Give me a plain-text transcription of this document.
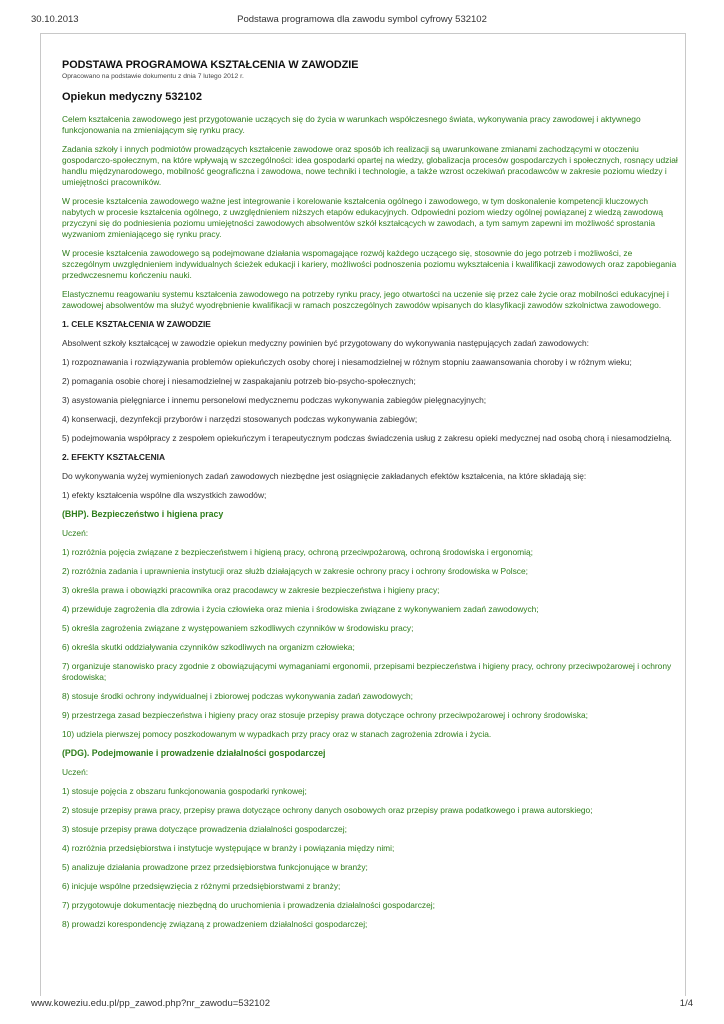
30.10.2013	Podstawa programowa dla zawodu symbol cyfrowy 532102
PODSTAWA PROGRAMOWA KSZTAŁCENIA W ZAWODZIE
Opracowano na podstawie dokumentu z dnia 7 lutego 2012 r.
Opiekun medyczny 532102

Celem kształcenia zawodowego jest przygotowanie uczących się do życia w warunkach współczesnego świata, wykonywania pracy zawodowej i aktywnego funkcjonowania na zmieniającym się rynku pracy.

Zadania szkoły i innych podmiotów prowadzących kształcenie zawodowe oraz sposób ich realizacji są uwarunkowane zmianami zachodzącymi w otoczeniu gospodarczo-społecznym, na które wpływają w szczególności: idea gospodarki opartej na wiedzy, globalizacja procesów gospodarczych i społecznych, rosnący udział handlu międzynarodowego, mobilność geograficzna i zawodowa, nowe techniki i technologie, a także wzrost oczekiwań pracodawców w zakresie poziomu wiedzy i umiejętności pracowników.

W procesie kształcenia zawodowego ważne jest integrowanie i korelowanie kształcenia ogólnego i zawodowego, w tym doskonalenie kompetencji kluczowych nabytych w procesie kształcenia ogólnego, z uwzględnieniem niższych etapów edukacyjnych. Odpowiedni poziom wiedzy ogólnej powiązanej z wiedzą zawodową przyczyni się do podniesienia poziomu umiejętności zawodowych absolwentów szkół kształcących w zawodach, a tym samym zapewni im możliwość sprostania wyzwaniom zmieniającego się rynku pracy.

W procesie kształcenia zawodowego są podejmowane działania wspomagające rozwój każdego uczącego się, stosownie do jego potrzeb i możliwości, ze szczególnym uwzględnieniem indywidualnych ścieżek edukacji i kariery, możliwości podnoszenia poziomu wykształcenia i kwalifikacji zawodowych oraz zapobiegania przedwczesnemu kończeniu nauki.

Elastycznemu reagowaniu systemu kształcenia zawodowego na potrzeby rynku pracy, jego otwartości na uczenie się przez całe życie oraz mobilności edukacyjnej i zawodowej absolwentów ma służyć wyodrębnienie kwalifikacji w ramach poszczególnych zawodów wpisanych do klasyfikacji zawodów szkolnictwa zawodowego.

1. CELE KSZTAŁCENIA W ZAWODZIE

Absolwent szkoły kształcącej w zawodzie opiekun medyczny powinien być przygotowany do wykonywania następujących zadań zawodowych:

1) rozpoznawania i rozwiązywania problemów opiekuńczych osoby chorej i niesamodzielnej w różnym stopniu zaawansowania choroby i w różnym wieku;

2) pomagania osobie chorej i niesamodzielnej w zaspakajaniu potrzeb bio-psycho-społecznych;

3) asystowania pielęgniarce i innemu personelowi medycznemu podczas wykonywania zabiegów pielęgnacyjnych;

4) konserwacji, dezynfekcji przyborów i narzędzi stosowanych podczas wykonywania zabiegów;

5) podejmowania współpracy z zespołem opiekuńczym i terapeutycznym podczas świadczenia usług z zakresu opieki medycznej nad osobą chorą i niesamodzielną.

2. EFEKTY KSZTAŁCENIA

Do wykonywania wyżej wymienionych zadań zawodowych niezbędne jest osiągnięcie zakładanych efektów kształcenia, na które składają się:

1) efekty kształcenia wspólne dla wszystkich zawodów;

(BHP). Bezpieczeństwo i higiena pracy

Uczeń:

1) rozróżnia pojęcia związane z bezpieczeństwem i higieną pracy, ochroną przeciwpożarową, ochroną środowiska i ergonomią;

2) rozróżnia zadania i uprawnienia instytucji oraz służb działających w zakresie ochrony pracy i ochrony środowiska w Polsce;

3) określa prawa i obowiązki pracownika oraz pracodawcy w zakresie bezpieczeństwa i higieny pracy;

4) przewiduje zagrożenia dla zdrowia i życia człowieka oraz mienia i środowiska związane z wykonywaniem zadań zawodowych;

5) określa zagrożenia związane z występowaniem szkodliwych czynników w środowisku pracy;

6) określa skutki oddziaływania czynników szkodliwych na organizm człowieka;

7) organizuje stanowisko pracy zgodnie z obowiązującymi wymaganiami ergonomii, przepisami bezpieczeństwa i higieny pracy, ochrony przeciwpożarowej i ochrony środowiska;

8) stosuje środki ochrony indywidualnej i zbiorowej podczas wykonywania zadań zawodowych;

9) przestrzega zasad bezpieczeństwa i higieny pracy oraz stosuje przepisy prawa dotyczące ochrony przeciwpożarowej i ochrony środowiska;

10) udziela pierwszej pomocy poszkodowanym w wypadkach przy pracy oraz w stanach zagrożenia zdrowia i życia.

(PDG). Podejmowanie i prowadzenie działalności gospodarczej

Uczeń:

1) stosuje pojęcia z obszaru funkcjonowania gospodarki rynkowej;

2) stosuje przepisy prawa pracy, przepisy prawa dotyczące ochrony danych osobowych oraz przepisy prawa podatkowego i prawa autorskiego;

3) stosuje przepisy prawa dotyczące prowadzenia działalności gospodarczej;

4) rozróżnia przedsiębiorstwa i instytucje występujące w branży i powiązania między nimi;

5) analizuje działania prowadzone przez przedsiębiorstwa funkcjonujące w branży;

6) inicjuje wspólne przedsięwzięcia z różnymi przedsiębiorstwami z branży;

7) przygotowuje dokumentację niezbędną do uruchomienia i prowadzenia działalności gospodarczej;

8) prowadzi korespondencję związaną z prowadzeniem działalności gospodarczej;

www.koweziu.edu.pl/pp_zawod.php?nr_zawodu=532102	1/4
